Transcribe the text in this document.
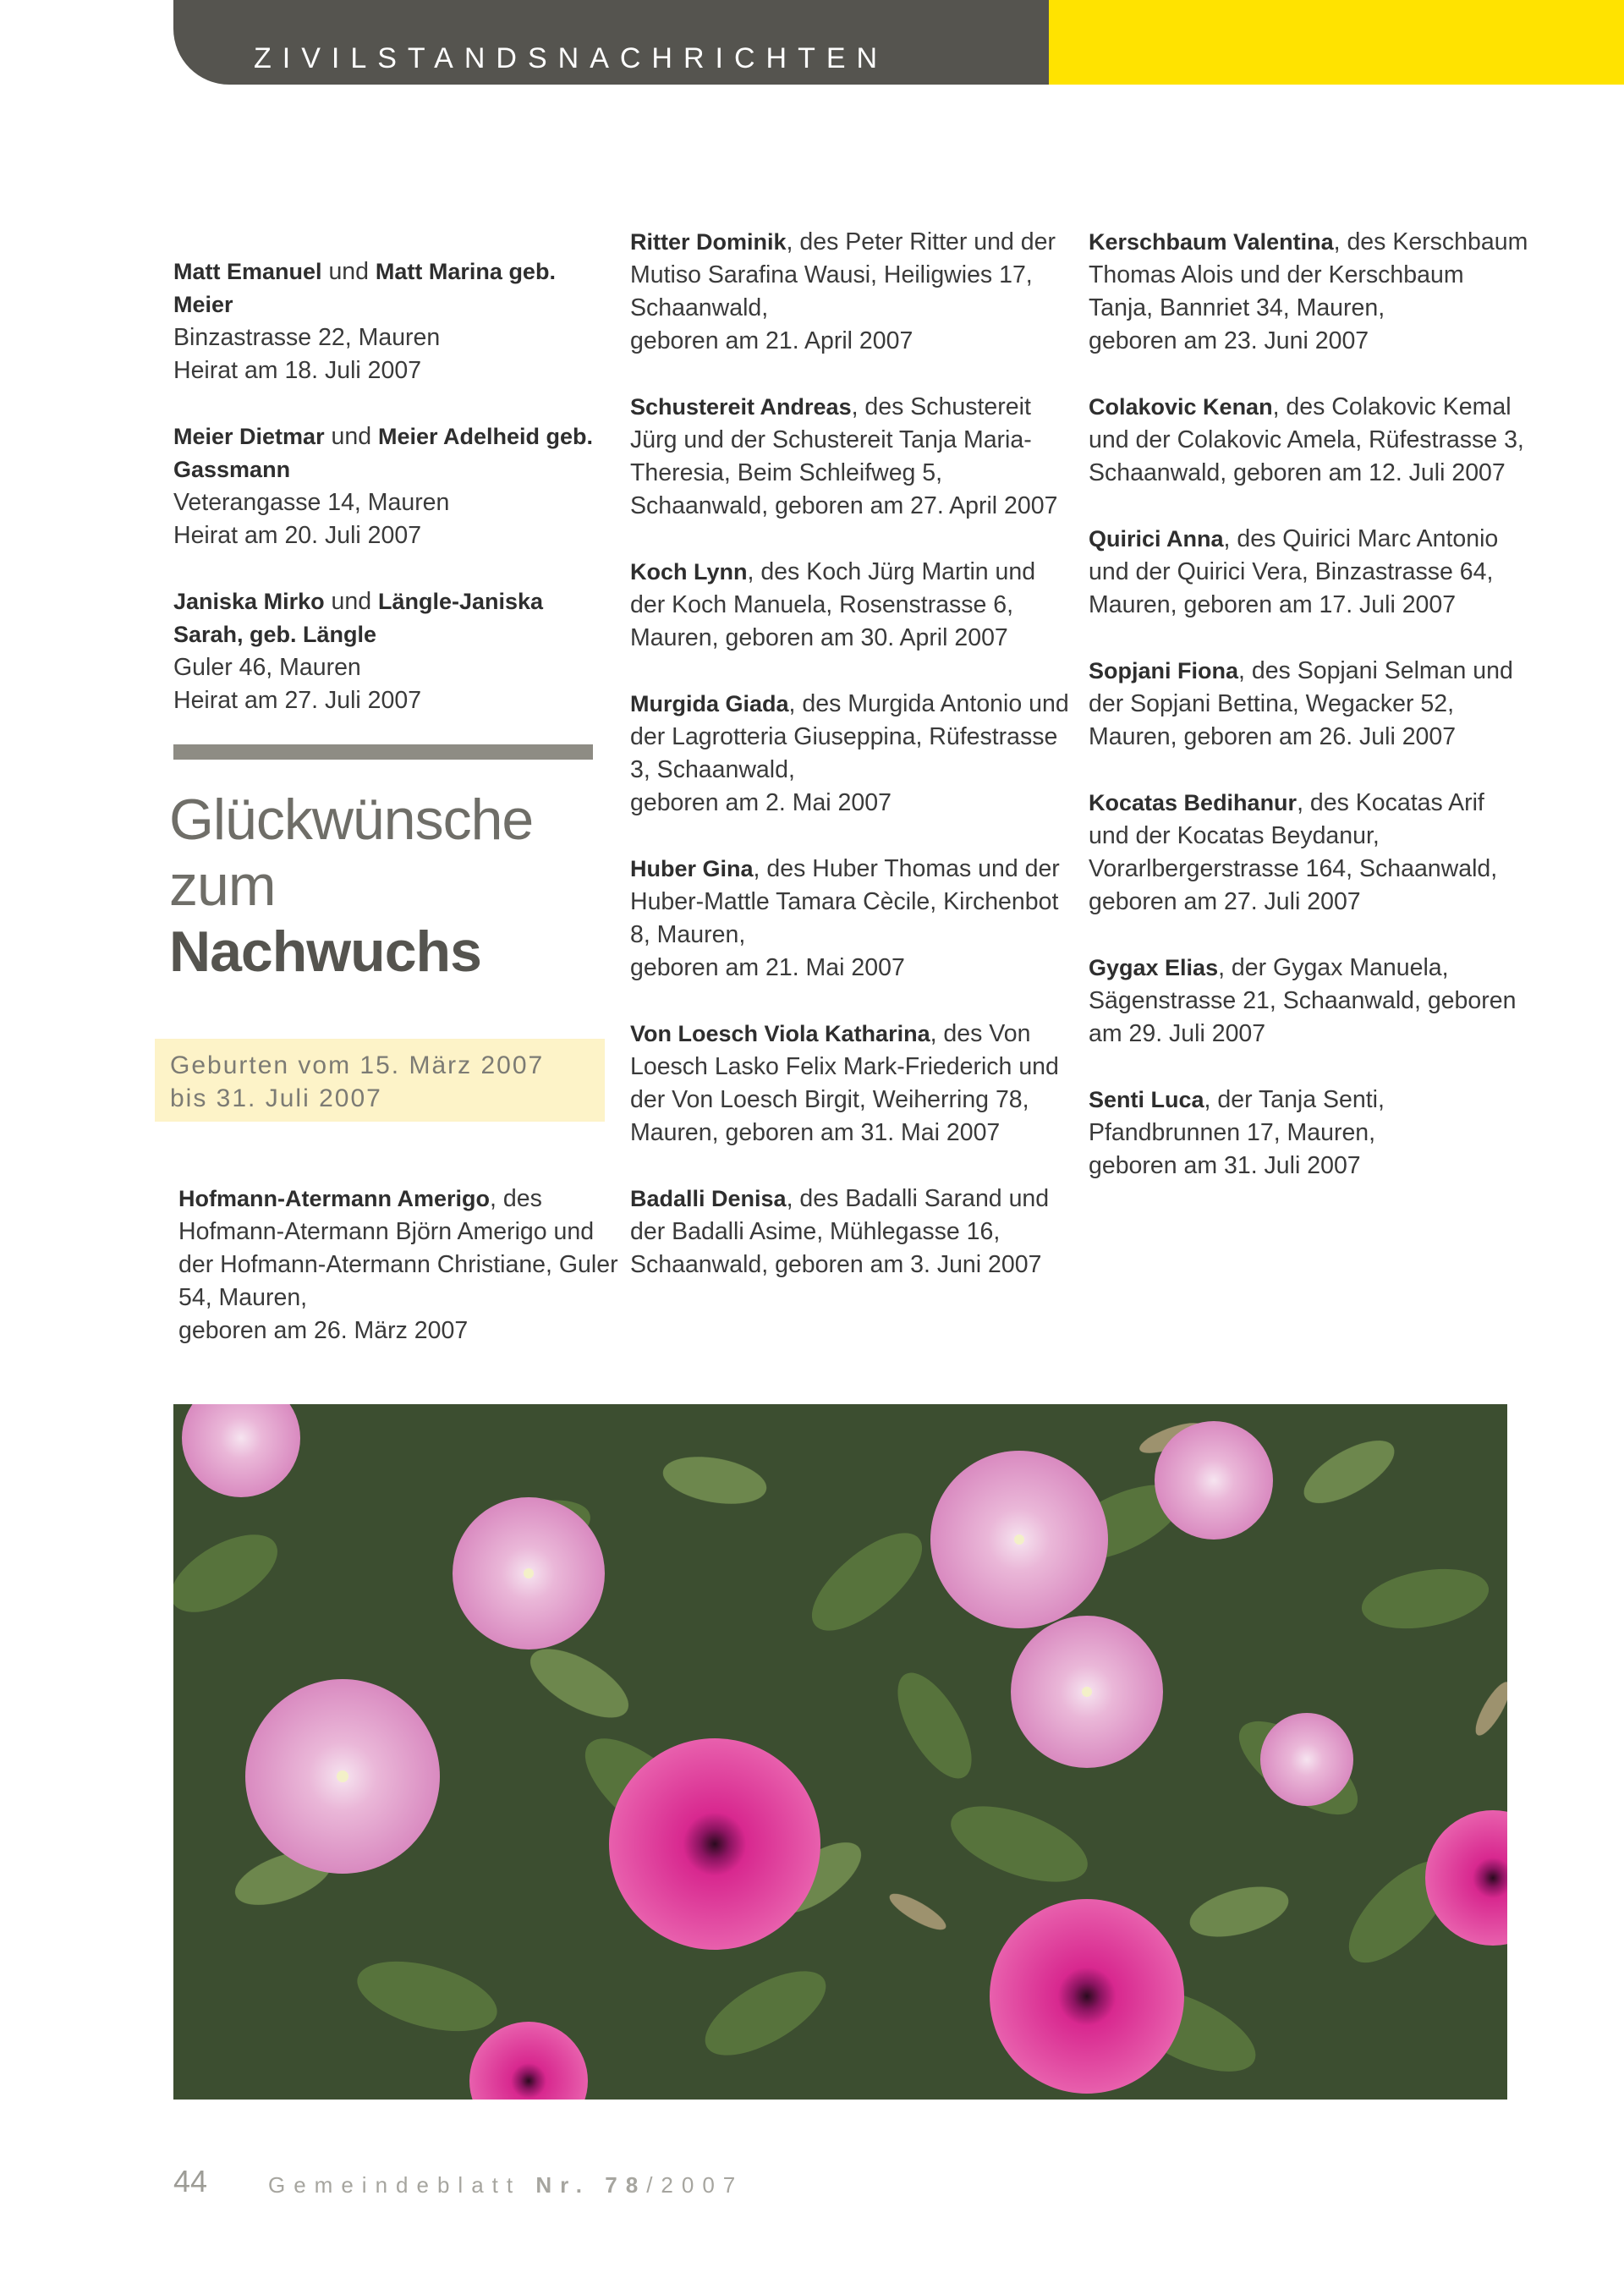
ZIVILSTANDSNACHRICHTEN
Matt Emanuel und Matt Marina geb. Meier
Binzastrasse 22, Mauren
Heirat am 18. Juli 2007
Meier Dietmar und Meier Adelheid geb. Gassmann
Veterangasse 14, Mauren
Heirat am 20. Juli 2007
Janiska Mirko und Längle-Janiska Sarah, geb. Längle
Guler 46, Mauren
Heirat am 27. Juli 2007
Glückwünsche
zum
Nachwuchs
Geburten vom 15. März 2007
bis 31. Juli 2007
Hofmann-Atermann Amerigo, des Hofmann-Atermann Björn Amerigo und der Hofmann-Atermann Christiane, Guler 54, Mauren,
geboren am 26. März 2007
Ritter Dominik, des Peter Ritter und der Mutiso Sarafina Wausi, Heiligwies 17, Schaanwald,
geboren am 21. April 2007
Schustereit Andreas, des Schustereit Jürg und der Schustereit Tanja Maria-Theresia, Beim Schleifweg 5, Schaanwald, geboren am 27. April 2007
Koch Lynn, des Koch Jürg Martin und der Koch Manuela, Rosenstrasse 6, Mauren, geboren am 30. April 2007
Murgida Giada, des Murgida Antonio und der Lagrotteria Giuseppina, Rüfestrasse 3, Schaanwald,
geboren am 2. Mai 2007
Huber Gina, des Huber Thomas und der Huber-Mattle Tamara Cècile, Kirchenbot 8, Mauren,
geboren am 21. Mai 2007
Von Loesch Viola Katharina, des Von Loesch Lasko Felix Mark-Friederich und der Von Loesch Birgit, Weiherring 78, Mauren, geboren am 31. Mai 2007
Badalli Denisa, des Badalli Sarand und der Badalli Asime, Mühlegasse 16, Schaanwald, geboren am 3. Juni 2007
Kerschbaum Valentina, des Kerschbaum Thomas Alois und der Kerschbaum Tanja, Bannriet 34, Mauren,
geboren am 23. Juni 2007
Colakovic Kenan, des Colakovic Kemal und der Colakovic Amela, Rüfestrasse 3, Schaanwald, geboren am 12. Juli 2007
Quirici Anna, des Quirici Marc Antonio und der Quirici Vera, Binzastrasse 64, Mauren, geboren am 17. Juli 2007
Sopjani Fiona, des Sopjani Selman und der Sopjani Bettina, Wegacker 52, Mauren, geboren am 26. Juli 2007
Kocatas Bedihanur, des Kocatas Arif und der Kocatas Beydanur, Vorarlbergerstrasse 164, Schaanwald, geboren am 27. Juli 2007
Gygax Elias, der Gygax Manuela, Sägenstrasse 21, Schaanwald, geboren am 29. Juli 2007
Senti Luca, der Tanja Senti, Pfandbrunnen 17, Mauren,
geboren am 31. Juli 2007
44	Gemeindeblatt Nr. 78/2007
